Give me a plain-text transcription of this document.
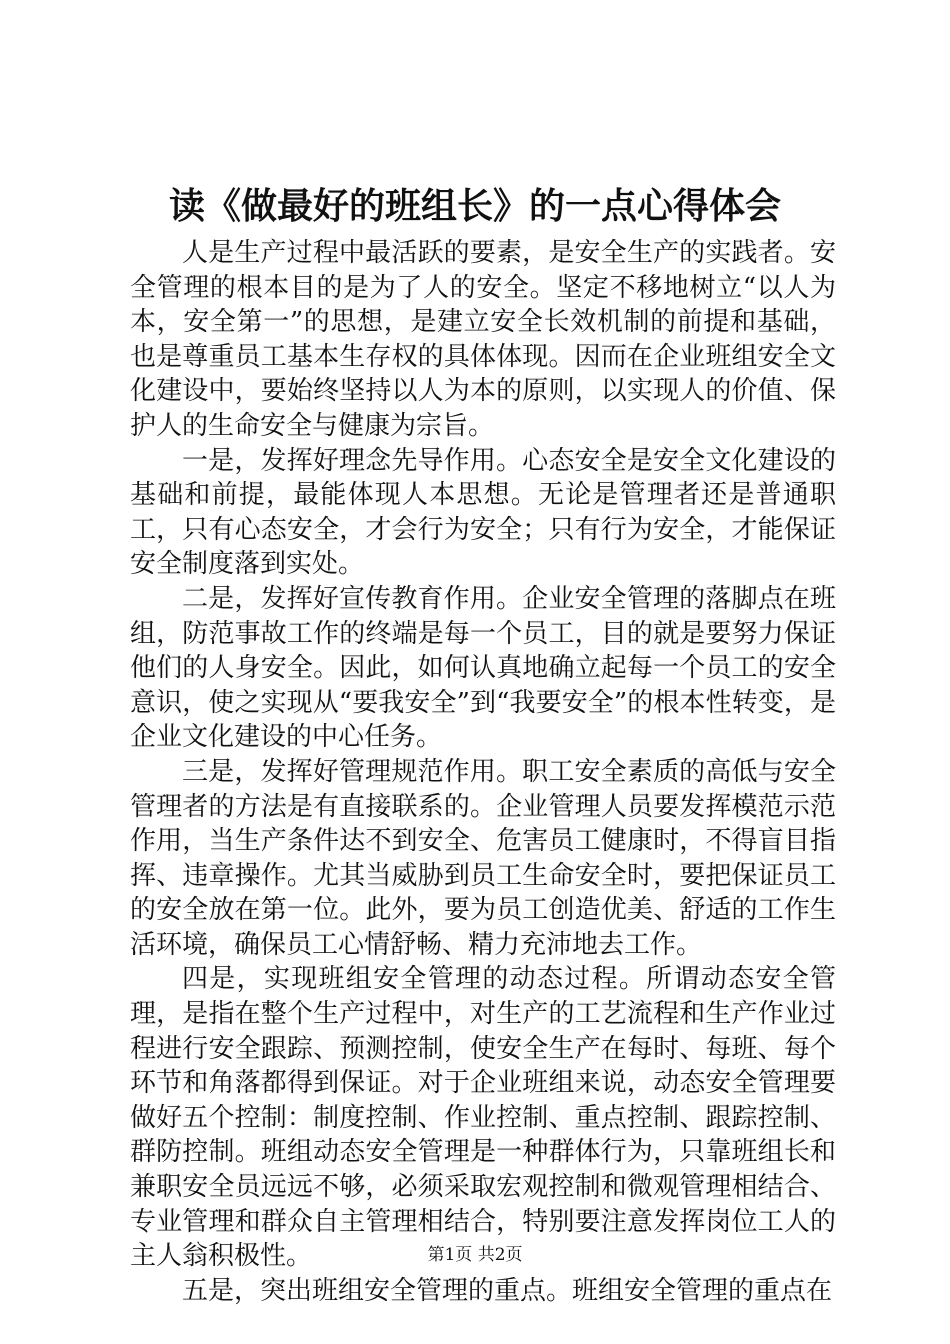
读《做最好的班组长》的一点心得体会

人是生产过程中最活跃的要素，是安全生产的实践者。安全管理的根本目的是为了人的安全。坚定不移地树立“以人为本，安全第一”的思想，是建立安全长效机制的前提和基础，也是尊重员工基本生存权的具体体现。因而在企业班组安全文化建设中，要始终坚持以人为本的原则，以实现人的价值、保护人的生命安全与健康为宗旨。

一是，发挥好理念先导作用。心态安全是安全文化建设的基础和前提，最能体现人本思想。无论是管理者还是普通职工，只有心态安全，才会行为安全；只有行为安全，才能保证安全制度落到实处。

二是，发挥好宣传教育作用。企业安全管理的落脚点在班组，防范事故工作的终端是每一个员工，目的就是要努力保证他们的人身安全。因此，如何认真地确立起每一个员工的安全意识，使之实现从“要我安全”到“我要安全”的根本性转变，是企业文化建设的中心任务。

三是，发挥好管理规范作用。职工安全素质的高低与安全管理者的方法是有直接联系的。企业管理人员要发挥模范示范作用，当生产条件达不到安全、危害员工健康时，不得盲目指挥、违章操作。尤其当威胁到员工生命安全时，要把保证员工的安全放在第一位。此外，要为员工创造优美、舒适的工作生活环境，确保员工心情舒畅、精力充沛地去工作。

四是，实现班组安全管理的动态过程。所谓动态安全管理，是指在整个生产过程中，对生产的工艺流程和生产作业过程进行安全跟踪、预测控制，使安全生产在每时、每班、每个环节和角落都得到保证。对于企业班组来说，动态安全管理要做好五个控制：制度控制、作业控制、重点控制、跟踪控制、群防控制。班组动态安全管理是一种群体行为，只靠班组长和兼职安全员远远不够，必须采取宏观控制和微观管理相结合、专业管理和群众自主管理相结合，特别要注意发挥岗位工人的主人翁积极性。

五是，突出班组安全管理的重点。班组安全管理的重点在

第1页 共2页
